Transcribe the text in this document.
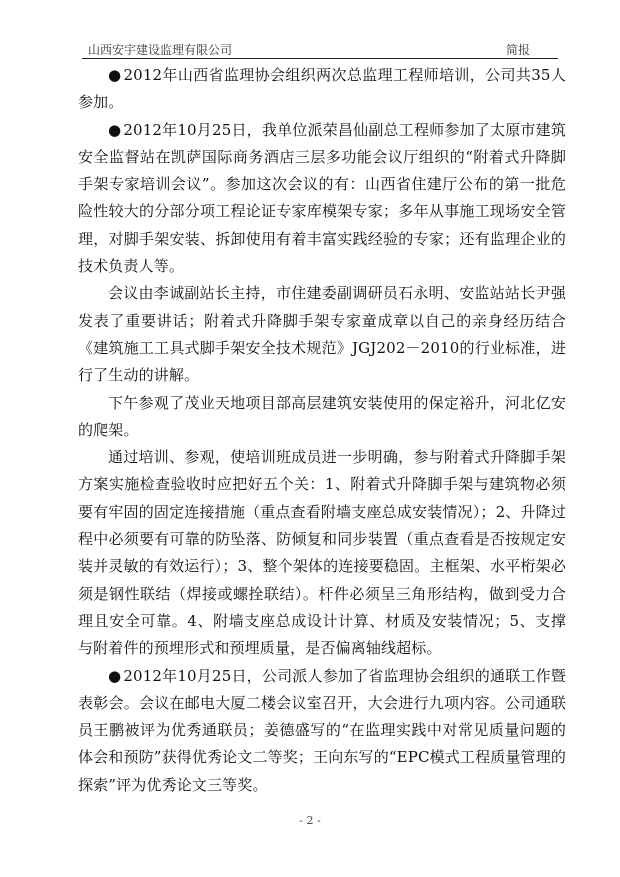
山西安宇建设监理有限公司	简报

● 2012年山西省监理协会组织两次总监理工程师培训，公司共35人参加。

● 2012年10月25日，我单位派荣昌仙副总工程师参加了太原市建筑安全监督站在凯萨国际商务酒店三层多功能会议厅组织的“附着式升降脚手架专家培训会议”。参加这次会议的有：山西省住建厅公布的第一批危险性较大的分部分项工程论证专家库模架专家；多年从事施工现场安全管理，对脚手架安装、拆卸使用有着丰富实践经验的专家；还有监理企业的技术负责人等。

会议由李诚副站长主持，市住建委副调研员石永明、安监站站长尹强发表了重要讲话；附着式升降脚手架专家童成章以自己的亲身经历结合《建筑施工工具式脚手架安全技术规范》JGJ202－2010的行业标准，进行了生动的讲解。

下午参观了茂业天地项目部高层建筑安装使用的保定裕升，河北亿安的爬架。

通过培训、参观，使培训班成员进一步明确，参与附着式升降脚手架方案实施检查验收时应把好五个关：1、附着式升降脚手架与建筑物必须要有牢固的固定连接措施（重点查看附墙支座总成安装情况）；2、升降过程中必须要有可靠的防坠落、防倾复和同步装置（重点查看是否按规定安装并灵敏的有效运行）；3、整个架体的连接要稳固。主框架、水平桁架必须是钢性联结（焊接或螺拴联结）。杆件必须呈三角形结构，做到受力合理且安全可靠。4、附墙支座总成设计计算、材质及安装情况；5、支撑与附着件的预埋形式和预埋质量，是否偏离轴线超标。

● 2012年10月25日，公司派人参加了省监理协会组织的通联工作暨表彰会。会议在邮电大厦二楼会议室召开，大会进行九项内容。公司通联员王鹏被评为优秀通联员；姜德盛写的“在监理实践中对常见质量问题的体会和预防”获得优秀论文二等奖；王向东写的“EPC模式工程质量管理的探索”评为优秀论文三等奖。

- 2 -
